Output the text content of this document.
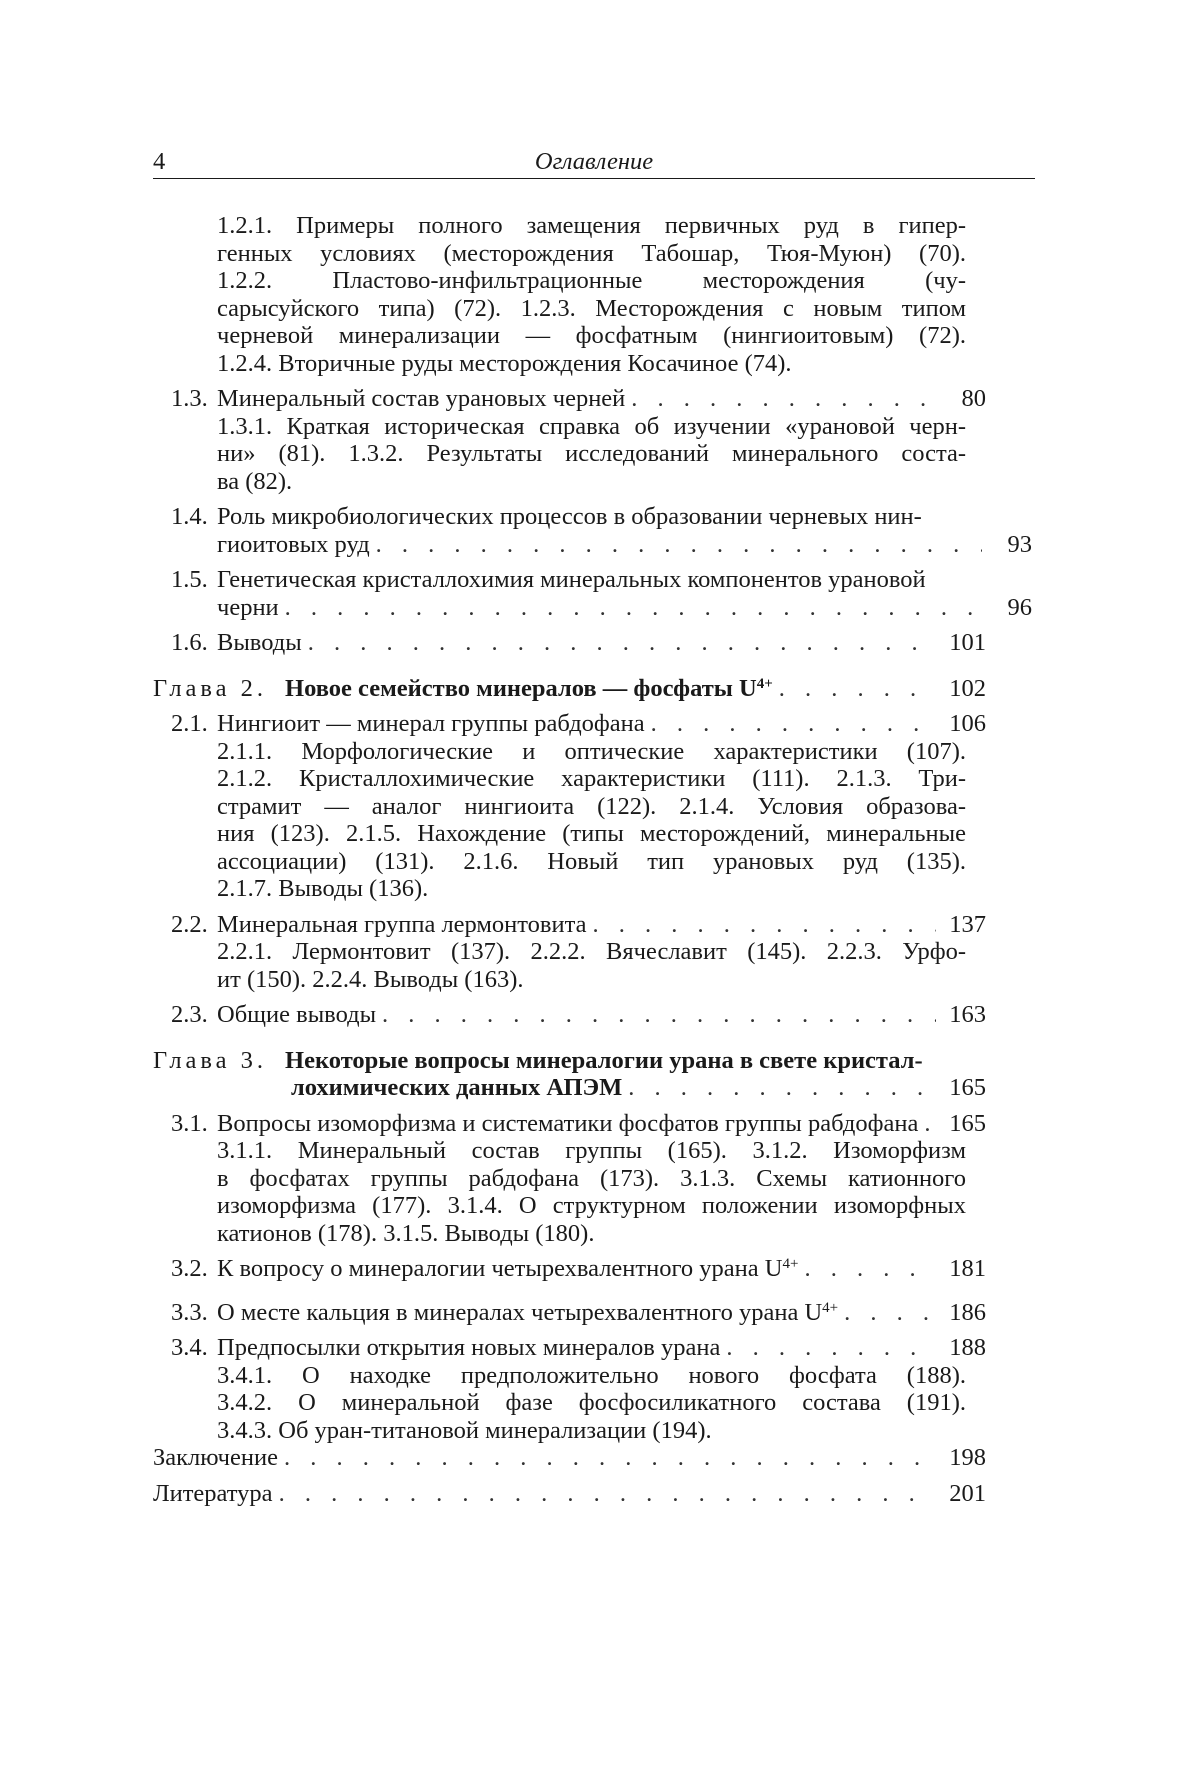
4	Оглавление
1.2.1. Примеры полного замещения первичных руд в гипер-
генных условиях (месторождения Табошар, Тюя-Муюн) (70).
1.2.2. Пластово-инфильтрационные месторождения (чу-
сарысуйского типа) (72). 1.2.3. Месторождения с новым типом
черневой минерализации — фосфатным (нингиоитовым) (72).
1.2.4. Вторичные руды месторождения Косачиное (74).
1.3. Минеральный состав урановых черней . . .	80
1.3.1. Краткая историческая справка об изучении «урановой черн-
ни» (81). 1.3.2. Результаты исследований минерального соста-
ва (82).
1.4. Роль микробиологических процессов в образовании черневых нин-
гиоитовых руд . . .	93
1.5. Генетическая кристаллохимия минеральных компонентов урановой
черни . . .	96
1.6. Выводы . . .	101
Глава 2. Новое семейство минералов — фосфаты $U^{4+}$ . . .	102
2.1. Нингиоит — минерал группы рабдофана . . .	106
2.1.1. Морфологические и оптические характеристики (107).
2.1.2. Кристаллохимические характеристики (111). 2.1.3. Три-
страмит — аналог нингиоита (122). 2.1.4. Условия образова-
ния (123). 2.1.5. Нахождение (типы месторождений, минеральные
ассоциации) (131). 2.1.6. Новый тип урановых руд (135).
2.1.7. Выводы (136).
2.2. Минеральная группа лермонтовита . . .	137
2.2.1. Лермонтовит (137). 2.2.2. Вячеславит (145). 2.2.3. Урфо-
ит (150). 2.2.4. Выводы (163).
2.3. Общие выводы . . .	163
Глава 3. Некоторые вопросы минералогии урана в свете кристал-
лохимических данных АПЭМ . . .	165
3.1. Вопросы изоморфизма и систематики фосфатов группы рабдофана . . . 165
3.1.1. Минеральный состав группы (165). 3.1.2. Изоморфизм
в фосфатах группы рабдофана (173). 3.1.3. Схемы катионного
изоморфизма (177). 3.1.4. О структурном положении изоморфных
катионов (178). 3.1.5. Выводы (180).
3.2. К вопросу о минералогии четырехвалентного урана $U^{4+}$ . . .	181
3.3. О месте кальция в минералах четырехвалентного урана $U^{4+}$ . . .	186
3.4. Предпосылки открытия новых минералов урана . . .	188
3.4.1. О находке предположительно нового фосфата (188).
3.4.2. О минеральной фазе фосфосиликатного состава (191).
3.4.3. Об уран-титановой минерализации (194).
Заключение . . .	198
Литература . . .	201
